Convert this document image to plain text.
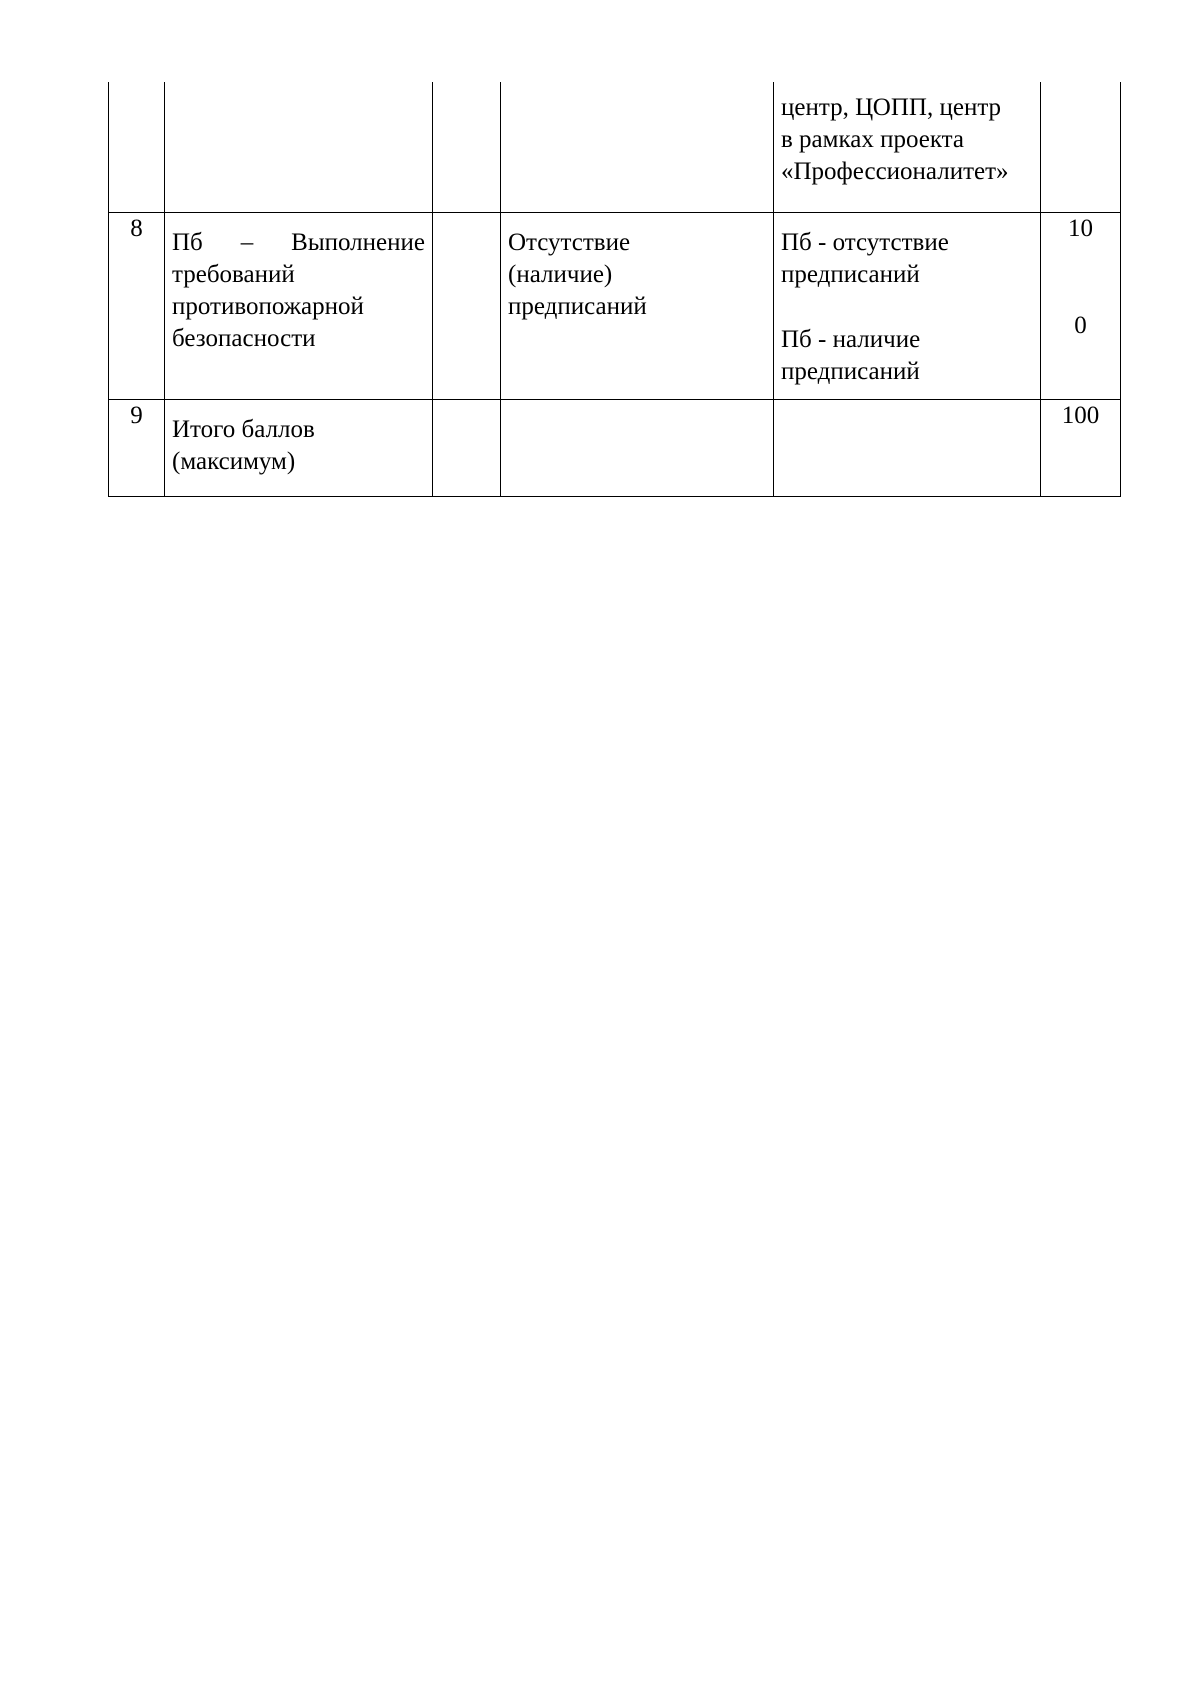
				центр, ЦОПП, центр
в рамках проекта
«Профессионалитет»	

8	Пб – Выполнение
требований
противопожарной
безопасности		Отсутствие
(наличие)
предписаний	Пб - отсутствие
предписаний
Пб - наличие
предписаний	10

0

9	Итого баллов
(максимум)				100
